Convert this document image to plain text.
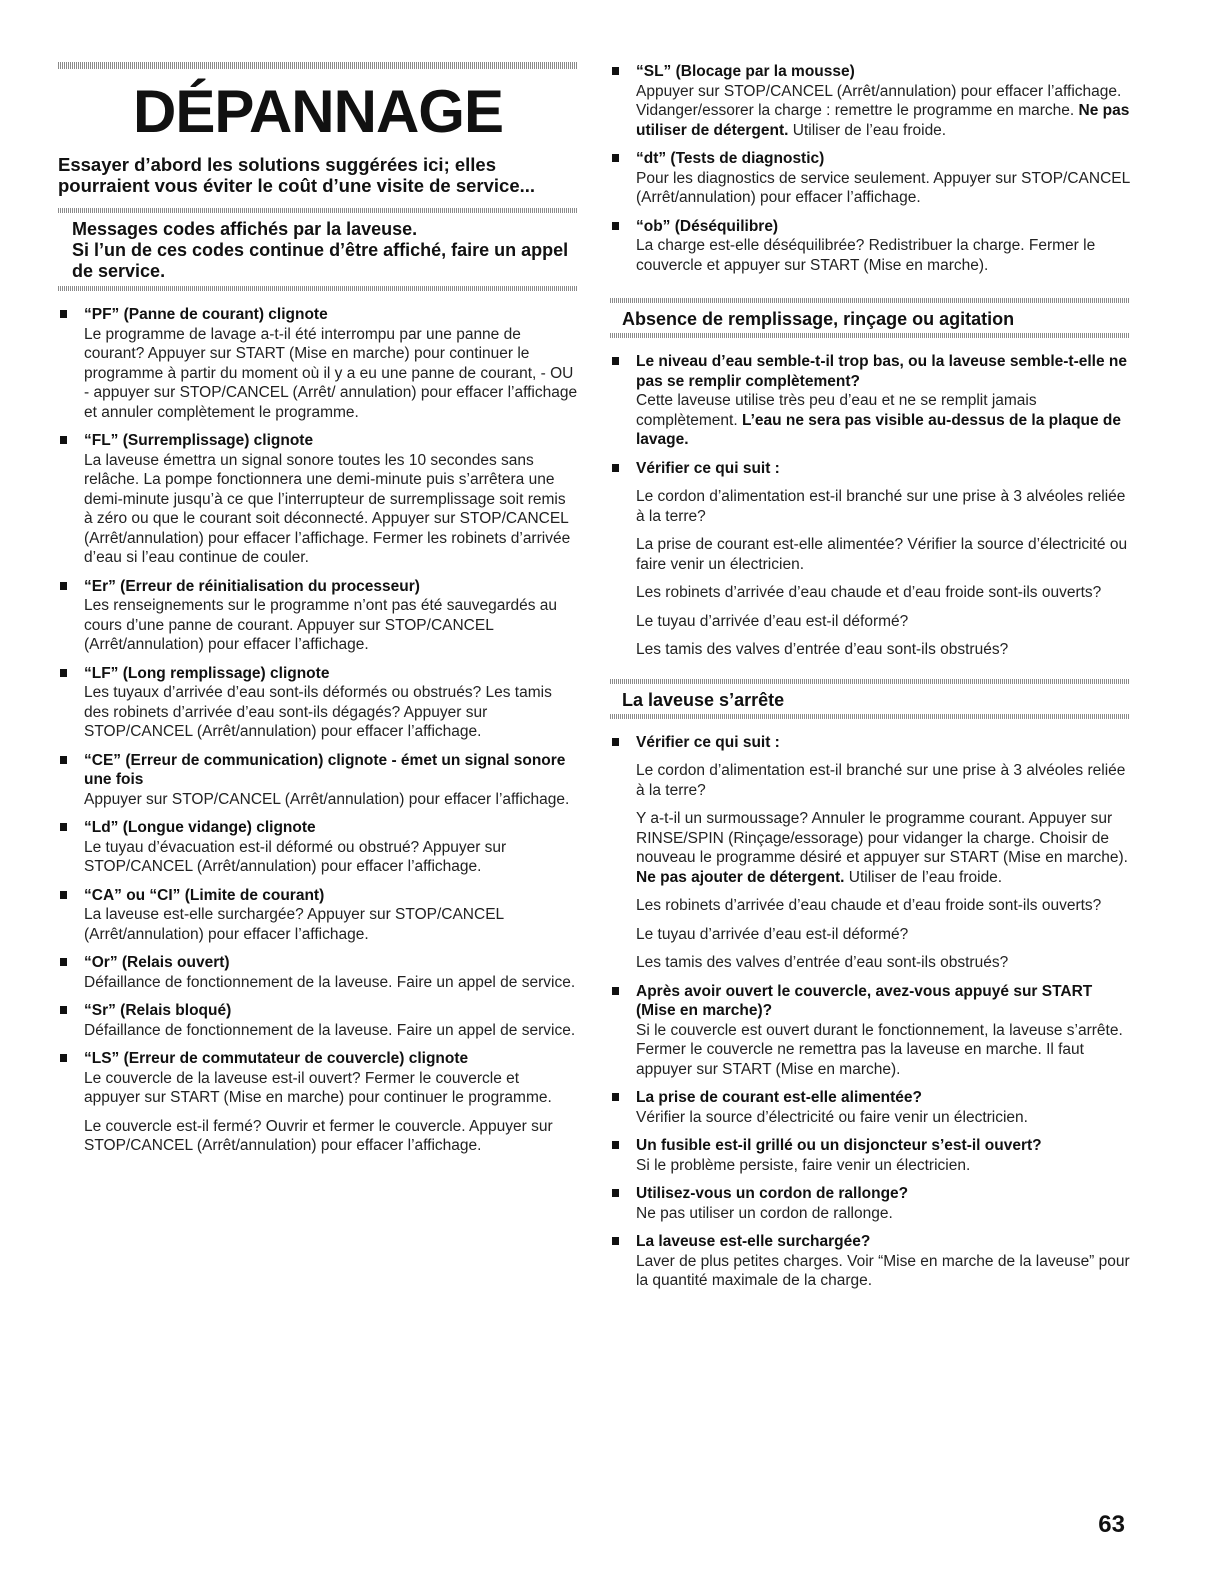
DÉPANNAGE

Essayer d’abord les solutions suggérées ici; elles pourraient vous éviter le coût d’une visite de service...

Messages codes affichés par la laveuse.
Si l’un de ces codes continue d’être affiché, faire un appel de service.
“PF” (Panne de courant) clignote
Le programme de lavage a-t-il été interrompu par une panne de courant? Appuyer sur START (Mise en marche) pour continuer le programme à partir du moment où il y a eu une panne de courant, - OU - appuyer sur STOP/CANCEL (Arrêt/ annulation) pour effacer l’affichage et annuler complètement le programme.
“FL” (Surremplissage) clignote
La laveuse émettra un signal sonore toutes les 10 secondes sans relâche. La pompe fonctionnera une demi-minute puis s’arrêtera une demi-minute jusqu’à ce que l’interrupteur de surremplissage soit remis à zéro ou que le courant soit déconnecté. Appuyer sur STOP/CANCEL (Arrêt/annulation) pour effacer l’affichage. Fermer les robinets d’arrivée d’eau si l’eau continue de couler.
“Er” (Erreur de réinitialisation du processeur)
Les renseignements sur le programme n’ont pas été sauvegardés au cours d’une panne de courant. Appuyer sur STOP/CANCEL (Arrêt/annulation) pour effacer l’affichage.
“LF” (Long remplissage) clignote
Les tuyaux d’arrivée d’eau sont-ils déformés ou obstrués? Les tamis des robinets d’arrivée d’eau sont-ils dégagés? Appuyer sur STOP/CANCEL (Arrêt/annulation) pour effacer l’affichage.
“CE” (Erreur de communication) clignote - émet un signal sonore une fois
Appuyer sur STOP/CANCEL (Arrêt/annulation) pour effacer l’affichage.
“Ld” (Longue vidange) clignote
Le tuyau d’évacuation est-il déformé ou obstrué? Appuyer sur STOP/CANCEL (Arrêt/annulation) pour effacer l’affichage.
“CA” ou “CI” (Limite de courant)
La laveuse est-elle surchargée? Appuyer sur STOP/CANCEL (Arrêt/annulation) pour effacer l’affichage.
“Or” (Relais ouvert)
Défaillance de fonctionnement de la laveuse. Faire un appel de service.
“Sr” (Relais bloqué)
Défaillance de fonctionnement de la laveuse. Faire un appel de service.
“LS” (Erreur de commutateur de couvercle) clignote
Le couvercle de la laveuse est-il ouvert? Fermer le couvercle et appuyer sur START (Mise en marche) pour continuer le programme.
Le couvercle est-il fermé? Ouvrir et fermer le couvercle. Appuyer sur STOP/CANCEL (Arrêt/annulation) pour effacer l’affichage.
“SL” (Blocage par la mousse)
Appuyer sur STOP/CANCEL (Arrêt/annulation) pour effacer l’affichage. Vidanger/essorer la charge : remettre le programme en marche. Ne pas utiliser de détergent. Utiliser de l’eau froide.
“dt” (Tests de diagnostic)
Pour les diagnostics de service seulement. Appuyer sur STOP/CANCEL (Arrêt/annulation) pour effacer l’affichage.
“ob” (Déséquilibre)
La charge est-elle déséquilibrée? Redistribuer la charge. Fermer le couvercle et appuyer sur START (Mise en marche).
Absence de remplissage, rinçage ou agitation
Le niveau d’eau semble-t-il trop bas, ou la laveuse semble-t-elle ne pas se remplir complètement?
Cette laveuse utilise très peu d’eau et ne se remplit jamais complètement. L’eau ne sera pas visible au-dessus de la plaque de lavage.
Vérifier ce qui suit :
Le cordon d’alimentation est-il branché sur une prise à 3 alvéoles reliée à la terre?
La prise de courant est-elle alimentée? Vérifier la source d’électricité ou faire venir un électricien.
Les robinets d’arrivée d’eau chaude et d’eau froide sont-ils ouverts?
Le tuyau d’arrivée d’eau est-il déformé?
Les tamis des valves d’entrée d’eau sont-ils obstrués?
La laveuse s’arrête
Vérifier ce qui suit :
Le cordon d’alimentation est-il branché sur une prise à 3 alvéoles reliée à la terre?
Y a-t-il un surmoussage? Annuler le programme courant. Appuyer sur RINSE/SPIN (Rinçage/essorage) pour vidanger la charge. Choisir de nouveau le programme désiré et appuyer sur START (Mise en marche). Ne pas ajouter de détergent. Utiliser de l’eau froide.
Les robinets d’arrivée d’eau chaude et d’eau froide sont-ils ouverts?
Le tuyau d’arrivée d’eau est-il déformé?
Les tamis des valves d’entrée d’eau sont-ils obstrués?
Après avoir ouvert le couvercle, avez-vous appuyé sur START (Mise en marche)?
Si le couvercle est ouvert durant le fonctionnement, la laveuse s’arrête. Fermer le couvercle ne remettra pas la laveuse en marche. Il faut appuyer sur START (Mise en marche).
La prise de courant est-elle alimentée?
Vérifier la source d’électricité ou faire venir un électricien.
Un fusible est-il grillé ou un disjoncteur s’est-il ouvert?
Si le problème persiste, faire venir un électricien.
Utilisez-vous un cordon de rallonge?
Ne pas utiliser un cordon de rallonge.
La laveuse est-elle surchargée?
Laver de plus petites charges. Voir “Mise en marche de la laveuse” pour la quantité maximale de la charge.
63
